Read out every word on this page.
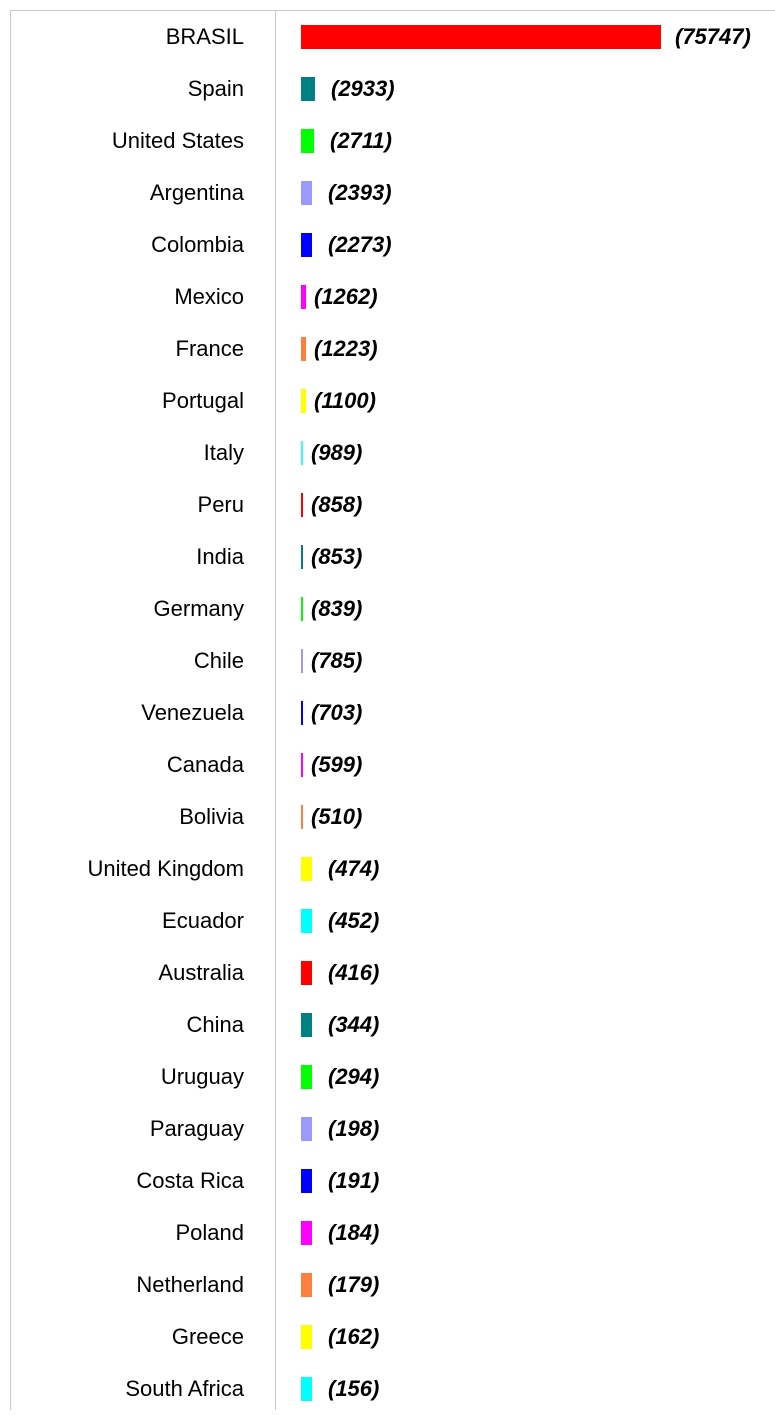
BRASIL	(75747)
Spain	(2933)
United States	(2711)
Argentina	(2393)
Colombia	(2273)
Mexico	(1262)
France	(1223)
Portugal	(1100)
Italy	(989)
Peru	(858)
India	(853)
Germany	(839)
Chile	(785)
Venezuela	(703)
Canada	(599)
Bolivia	(510)
United Kingdom	(474)
Ecuador	(452)
Australia	(416)
China	(344)
Uruguay	(294)
Paraguay	(198)
Costa Rica	(191)
Poland	(184)
Netherland	(179)
Greece	(162)
South Africa	(156)
